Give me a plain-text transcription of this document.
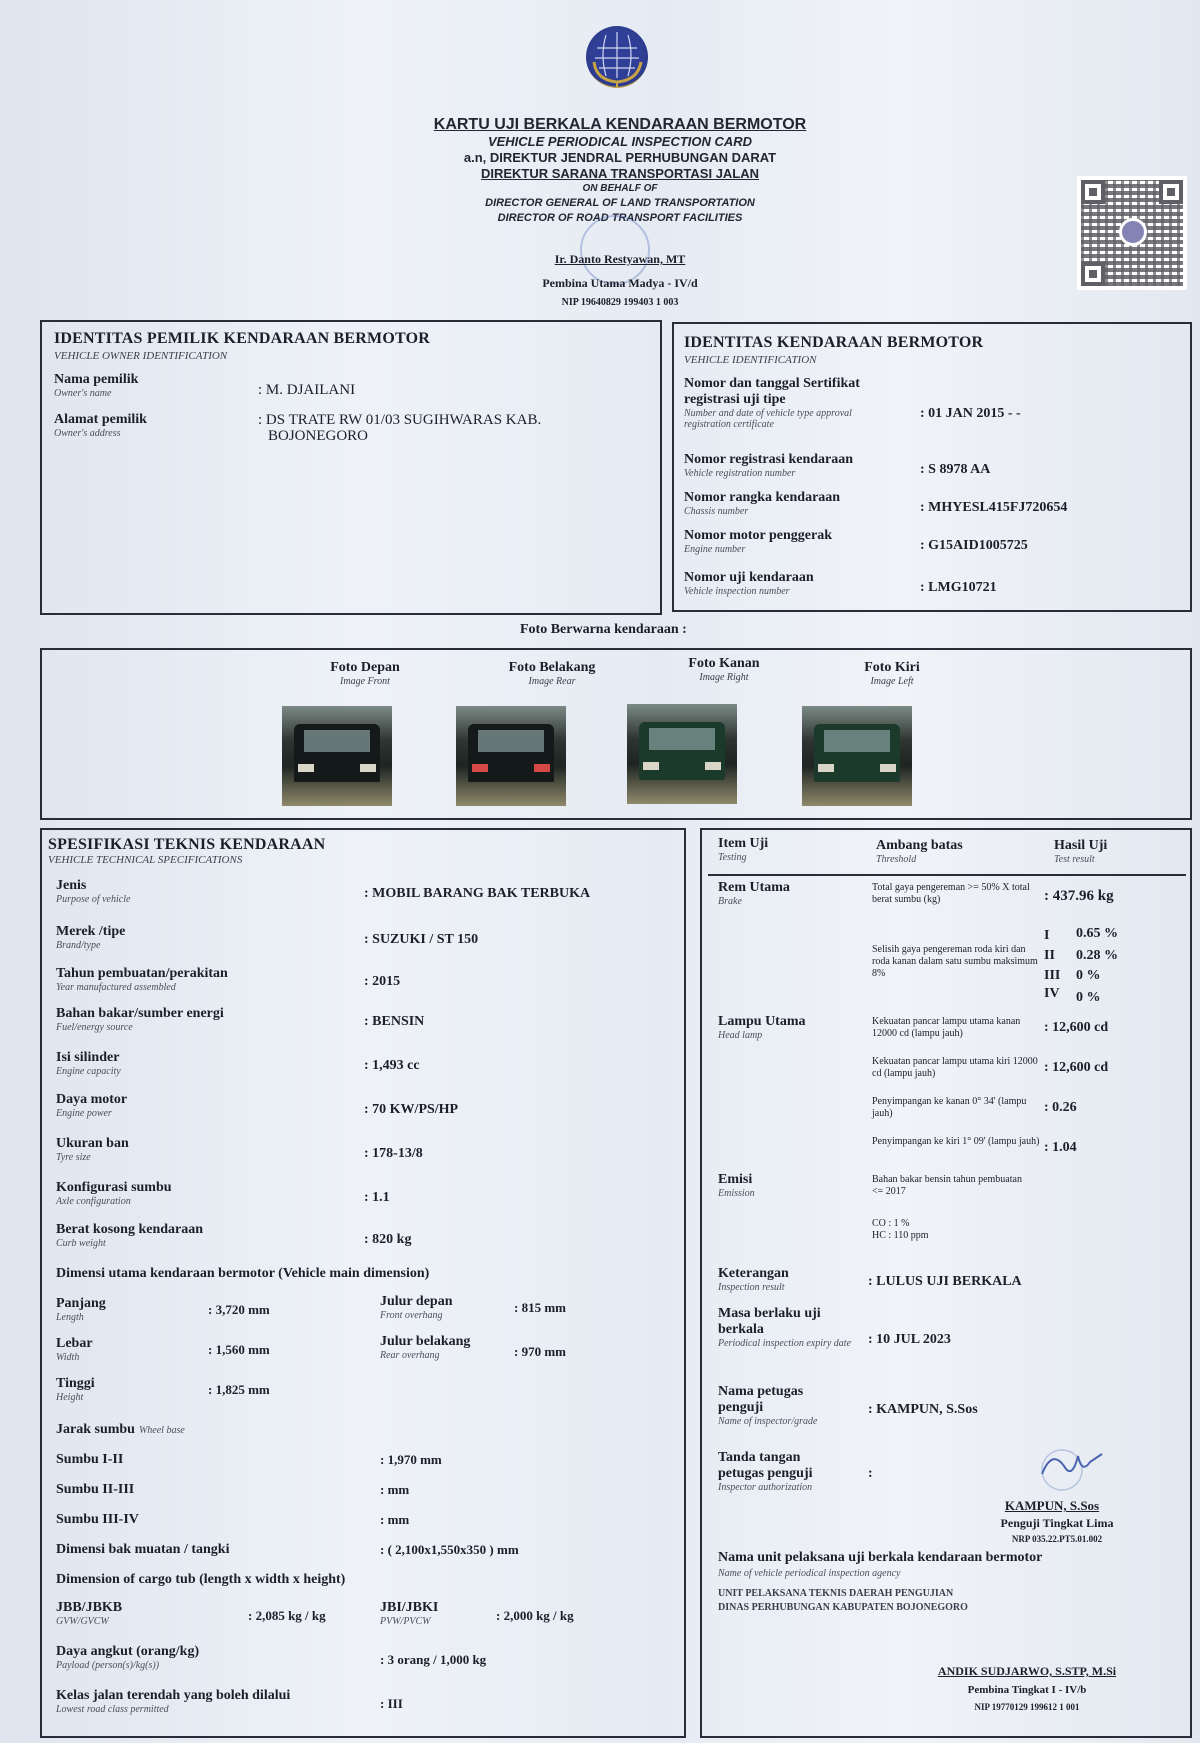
KARTU UJI BERKALA KENDARAAN BERMOTOR
VEHICLE PERIODICAL INSPECTION CARD
a.n, DIREKTUR JENDRAL PERHUBUNGAN DARAT
DIREKTUR SARANA TRANSPORTASI JALAN
ON BEHALF OF
DIRECTOR GENERAL OF LAND TRANSPORTATION
DIRECTOR OF ROAD TRANSPORT FACILITIES
Ir. Danto Restyawan, MT
Pembina Utama Madya - IV/d
NIP 19640829 199403 1 003
IDENTITAS PEMILIK KENDARAAN BERMOTOR
VEHICLE OWNER IDENTIFICATION
Nama pemilik
Owner's name	: M. DJAILANI
Alamat pemilik
Owner's address
: DS TRATE RW 01/03 SUGIHWARAS KAB.
BOJONEGORO
IDENTITAS KENDARAAN BERMOTOR
VEHICLE IDENTIFICATION
Nomor dan tanggal Sertifikat
registrasi uji tipe
Number and date of vehicle type approval
registration certificate
: 01 JAN 2015 - -
Nomor registrasi kendaraan
Vehicle registration number	: S 8978 AA
Nomor rangka kendaraan
Chassis number	: MHYESL415FJ720654
Nomor motor penggerak
Engine number	: G15AID1005725
Nomor uji kendaraan
Vehicle inspection number	: LMG10721
Foto Berwarna kendaraan :
Foto Depan
Image Front
Foto Belakang
Image Rear
Foto Kanan
Image Right
Foto Kiri
Image Left
SPESIFIKASI TEKNIS KENDARAAN
VEHICLE TECHNICAL SPECIFICATIONS
Jenis
Purpose of vehicle	: MOBIL BARANG BAK TERBUKA
Merek /tipe
Brand/type	: SUZUKI / ST 150
Tahun pembuatan/perakitan
Year manufactured assembled	: 2015
Bahan bakar/sumber energi
Fuel/energy source	: BENSIN
Isi silinder
Engine capacity	: 1,493 cc
Daya motor
Engine power	: 70 KW/PS/HP
Ukuran ban
Tyre size	: 178-13/8
Konfigurasi sumbu
Axle configuration	: 1.1
Berat kosong kendaraan
Curb weight	: 820 kg
Dimensi utama kendaraan bermotor (Vehicle main dimension)
Panjang
Length
: 3,720 mm
Lebar
Width
: 1,560 mm
Tinggi
Height
: 1,825 mm
Julur depan
Front overhang
: 815 mm
Julur belakang
Rear overhang	: 970 mm
Jarak sumbu Wheel base
Sumbu I-II	: 1,970 mm
Sumbu II-III	: mm
Sumbu III-IV	: mm
Dimensi bak muatan / tangki	: ( 2,100x1,550x350 ) mm
Dimension of cargo tub (length x width x height)
JBB/JBKB
GVW/GVCW	: 2,085 kg / kg
JBI/JBKI
PVW/PVCW	: 2,000 kg / kg
Daya angkut (orang/kg)
Payload (person(s)/kg(s))	: 3 orang / 1,000 kg
Kelas jalan terendah yang boleh dilalui
Lowest road class permitted	: III
Item Uji
Testing
Ambang batas
Threshold
Hasil Uji
Test result
Rem Utama
Brake
Total gaya pengereman >= 50% X total berat sumbu (kg)	: 437.96 kg
Selisih gaya pengereman roda kiri dan roda kanan dalam satu sumbu maksimum 8%
I 0.65 %
II 0.28 %
III 0 %
IV 0 %
Lampu Utama
Head lamp
Kekuatan pancar lampu utama kanan 12000 cd (lampu jauh)	: 12,600 cd
Kekuatan pancar lampu utama kiri 12000 cd (lampu jauh)	: 12,600 cd
Penyimpangan ke kanan 0° 34' (lampu jauh)	: 0.26
Penyimpangan ke kiri 1° 09' (lampu jauh) : 1.04
Emisi
Emission
Bahan bakar bensin tahun pembuatan <= 2017
CO : 1 %
HC : 110 ppm
Keterangan
Inspection result	: LULUS UJI BERKALA
Masa berlaku uji berkala
Periodical inspection expiry date	: 10 JUL 2023
Nama petugas penguji
Name of inspector/grade
: KAMPUN, S.Sos
Tanda tangan petugas penguji
Inspector authorization
:
KAMPUN, S.Sos
Penguji Tingkat Lima
NRP 035.22.PT5.01.002
Nama unit pelaksana uji berkala kendaraan bermotor
Name of vehicle periodical inspection agency
UNIT PELAKSANA TEKNIS DAERAH PENGUJIAN
DINAS PERHUBUNGAN KABUPATEN BOJONEGORO
ANDIK SUDJARWO, S.STP, M.Si
Pembina Tingkat I - IV/b
NIP 19770129 199612 1 001
